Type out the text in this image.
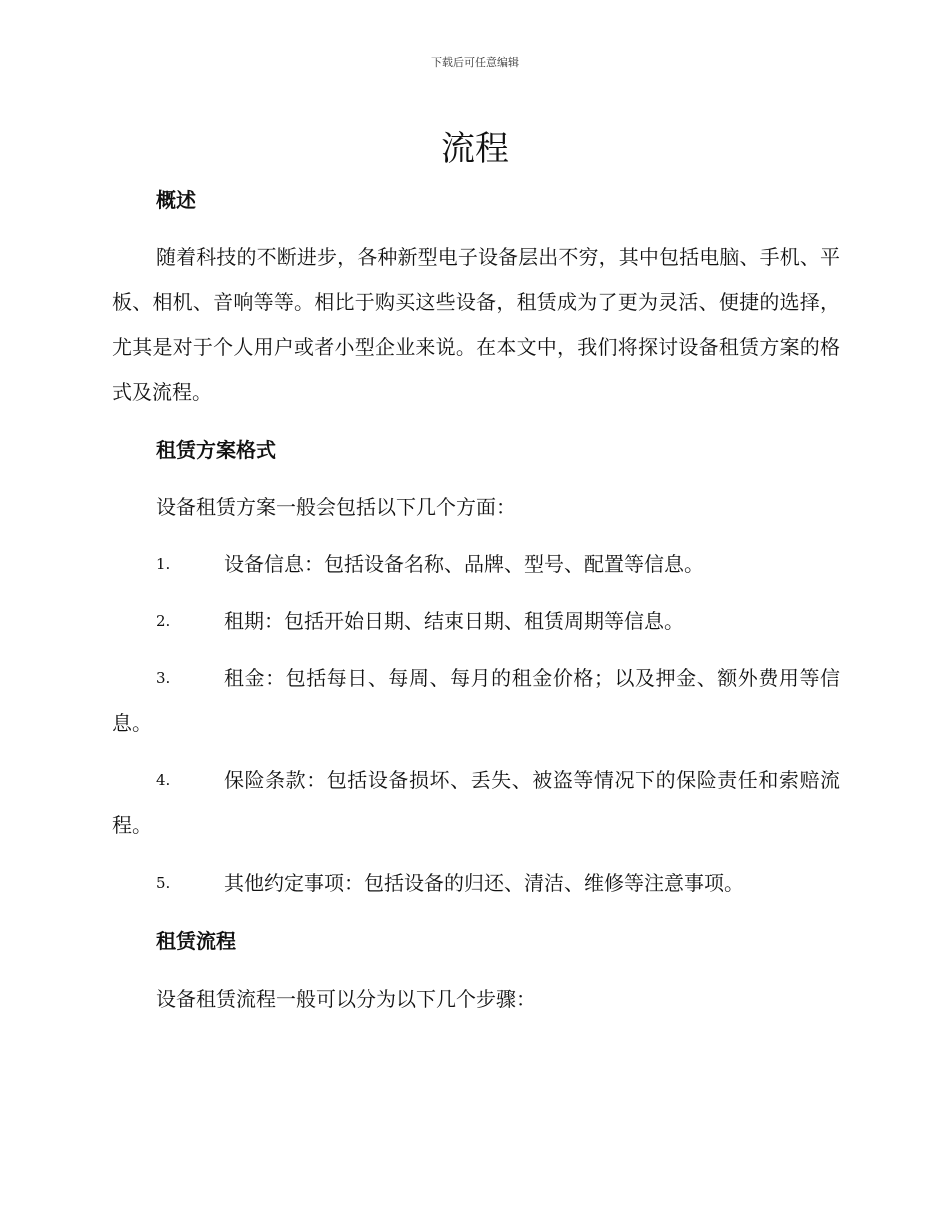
下载后可任意编辑
流程
概述

随着科技的不断进步，各种新型电子设备层出不穷，其中包括电脑、手机、平板、相机、音响等等。相比于购买这些设备，租赁成为了更为灵活、便捷的选择，尤其是对于个人用户或者小型企业来说。在本文中，我们将探讨设备租赁方案的格式及流程。

租赁方案格式

设备租赁方案一般会包括以下几个方面：

1.	设备信息：包括设备名称、品牌、型号、配置等信息。
2.	租期：包括开始日期、结束日期、租赁周期等信息。
3.	租金：包括每日、每周、每月的租金价格；以及押金、额外费用等信息。
4.	保险条款：包括设备损坏、丢失、被盗等情况下的保险责任和索赔流程。
5.	其他约定事项：包括设备的归还、清洁、维修等注意事项。
租赁流程

设备租赁流程一般可以分为以下几个步骤：
